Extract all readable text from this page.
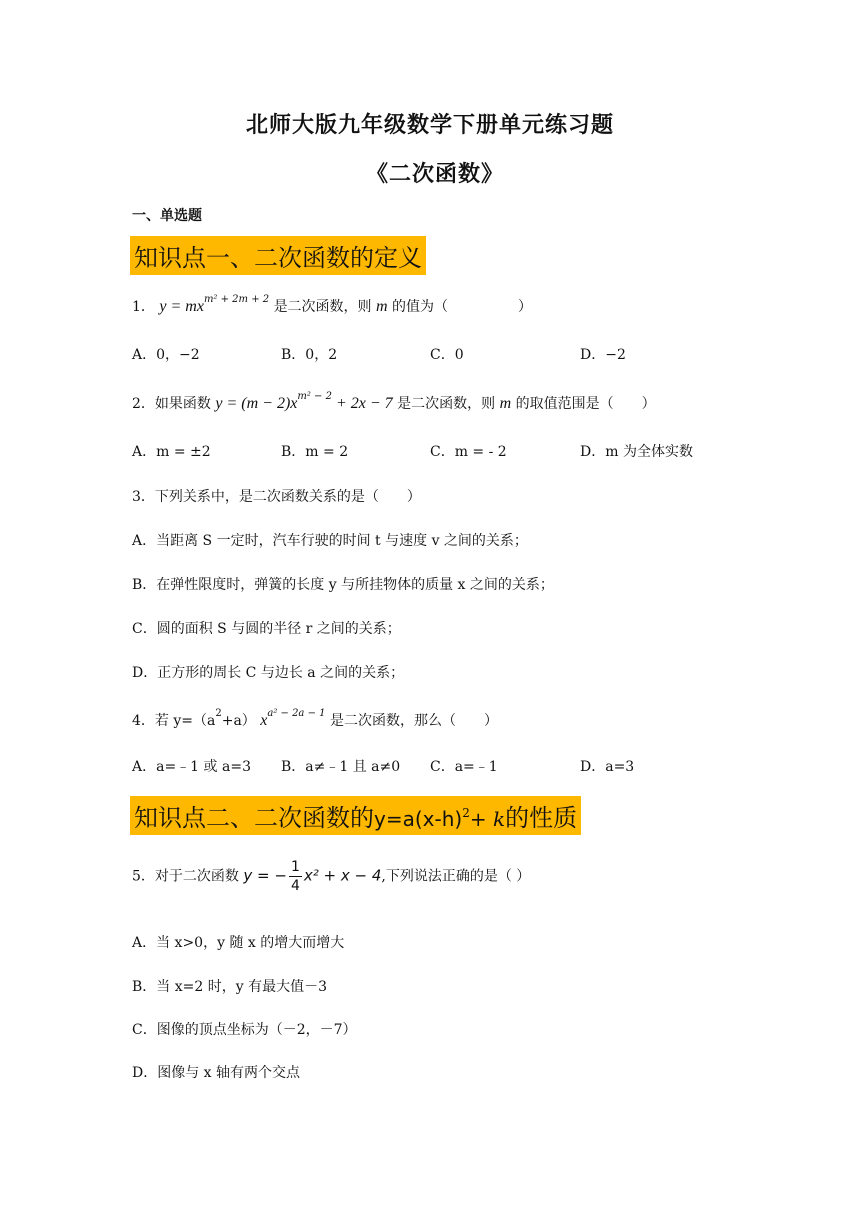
北师大版九年级数学下册单元练习题
《二次函数》
一、单选题
知识点一、二次函数的定义
1． $y = mx^{m^2 + 2m + 2}$ 是二次函数，则 m 的值为（　　　　　）
A．0，−2	B．0，2	C．0	D．−2
2．如果函数 $y = (m - 2)x^{m^2 - 2} + 2x - 7$ 是二次函数，则 m 的取值范围是（　　）
A．m = ±2	B．m = 2	C．m = - 2	D．m 为全体实数
3．下列关系中，是二次函数关系的是（　　）
A．当距离 S 一定时，汽车行驶的时间 t 与速度 v 之间的关系；
B．在弹性限度时，弹簧的长度 y 与所挂物体的质量 x 之间的关系；
C．圆的面积 S 与圆的半径 r 之间的关系；
D．正方形的周长 C 与边长 a 之间的关系；
4．若 $y=(a^2+a)$ $x^{a^2 - 2a - 1}$ 是二次函数，那么（　　）
A．a=﹣1 或 a=3 B．a≠﹣1 且 a≠0 C．a=﹣1	D．a=3
知识点二、二次函数的$y=a(x-h)^2+ k$的性质
5．对于二次函数 y = − $\frac{1}{4} x^2 + x - 4$,下列说法正确的是（ ）
A．当 x>0，y 随 x 的增大而增大
B．当 x=2 时，y 有最大值－3
C．图像的顶点坐标为（－2，－7）
D．图像与 x 轴有两个交点
